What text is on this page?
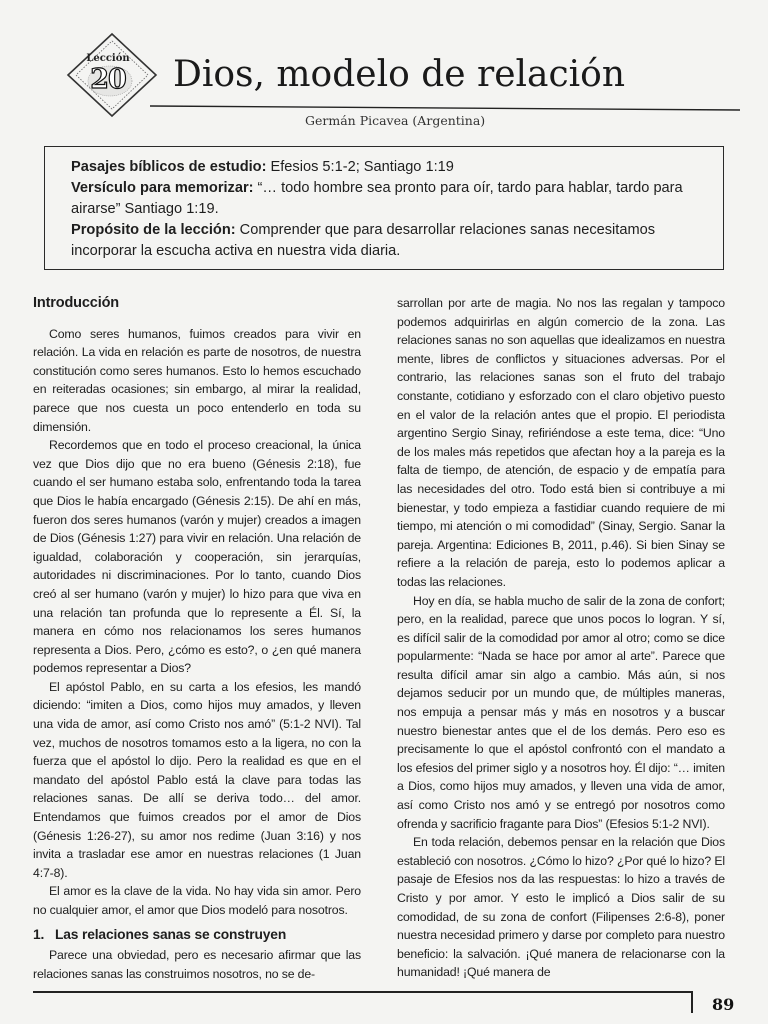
Lección
20	Dios, modelo de relación
Germán Picavea (Argentina)

Pasajes bíblicos de estudio: Efesios 5:1-2; Santiago 1:19

Versículo para memorizar: “… todo hombre sea pronto para oír, tardo para hablar, tardo para airarse” Santiago 1:19.

Propósito de la lección: Comprender que para desarrollar relaciones sanas necesitamos incorporar la escucha activa en nuestra vida diaria.

Introducción

Como seres humanos, fuimos creados para vivir en relación. La vida en relación es parte de nosotros, de nuestra constitución como seres humanos. Esto lo hemos escuchado en reiteradas ocasiones; sin embargo, al mirar la realidad, parece que nos cuesta un poco entenderlo en toda su dimensión.

Recordemos que en todo el proceso creacional, la única vez que Dios dijo que no era bueno (Génesis 2:18), fue cuando el ser humano estaba solo, enfrentando toda la tarea que Dios le había encargado (Génesis 2:15). De ahí en más, fueron dos seres humanos (varón y mujer) creados a imagen de Dios (Génesis 1:27) para vivir en relación. Una relación de igualdad, colaboración y cooperación, sin jerarquías, autoridades ni discriminaciones. Por lo tanto, cuando Dios creó al ser humano (varón y mujer) lo hizo para que viva en una relación tan profunda que lo represente a Él. Sí, la manera en cómo nos relacionamos los seres humanos representa a Dios. Pero, ¿cómo es esto?, o ¿en qué manera podemos representar a Dios?

El apóstol Pablo, en su carta a los efesios, les mandó diciendo: “imiten a Dios, como hijos muy amados, y lleven una vida de amor, así como Cristo nos amó” (5:1-2 NVI). Tal vez, muchos de nosotros tomamos esto a la ligera, no con la fuerza que el apóstol lo dijo. Pero la realidad es que en el mandato del apóstol Pablo está la clave para todas las relaciones sanas. De allí se deriva todo… del amor. Entendamos que fuimos creados por el amor de Dios (Génesis 1:26-27), su amor nos redime (Juan 3:16) y nos invita a trasladar ese amor en nuestras relaciones (1 Juan 4:7-8).

El amor es la clave de la vida. No hay vida sin amor. Pero no cualquier amor, el amor que Dios modeló para nosotros.

1. Las relaciones sanas se construyen

Parece una obviedad, pero es necesario afirmar que las relaciones sanas las construimos nosotros, no se de-

sarrollan por arte de magia. No nos las regalan y tampoco podemos adquirirlas en algún comercio de la zona. Las relaciones sanas no son aquellas que idealizamos en nuestra mente, libres de conflictos y situaciones adversas. Por el contrario, las relaciones sanas son el fruto del trabajo constante, cotidiano y esforzado con el claro objetivo puesto en el valor de la relación antes que el propio. El periodista argentino Sergio Sinay, refiriéndose a este tema, dice: “Uno de los males más repetidos que afectan hoy a la pareja es la falta de tiempo, de atención, de espacio y de empatía para las necesidades del otro. Todo está bien si contribuye a mi bienestar, y todo empieza a fastidiar cuando requiere de mi tiempo, mi atención o mi comodidad” (Sinay, Sergio. Sanar la pareja. Argentina: Ediciones B, 2011, p.46). Si bien Sinay se refiere a la relación de pareja, esto lo podemos aplicar a todas las relaciones.

Hoy en día, se habla mucho de salir de la zona de confort; pero, en la realidad, parece que unos pocos lo logran. Y sí, es difícil salir de la comodidad por amor al otro; como se dice popularmente: “Nada se hace por amor al arte”. Parece que resulta difícil amar sin algo a cambio. Más aún, si nos dejamos seducir por un mundo que, de múltiples maneras, nos empuja a pensar más y más en nosotros y a buscar nuestro bienestar antes que el de los demás. Pero eso es precisamente lo que el apóstol confrontó con el mandato a los efesios del primer siglo y a nosotros hoy. Él dijo: “… imiten a Dios, como hijos muy amados, y lleven una vida de amor, así como Cristo nos amó y se entregó por nosotros como ofrenda y sacrificio fragante para Dios” (Efesios 5:1-2 NVI).

En toda relación, debemos pensar en la relación que Dios estableció con nosotros. ¿Cómo lo hizo? ¿Por qué lo hizo? El pasaje de Efesios nos da las respuestas: lo hizo a través de Cristo y por amor. Y esto le implicó a Dios salir de su comodidad, de su zona de confort (Filipenses 2:6-8), poner nuestra necesidad primero y darse por completo para nuestro beneficio: la salvación. ¡Qué manera de relacionarse con la humanidad! ¡Qué manera de

89
